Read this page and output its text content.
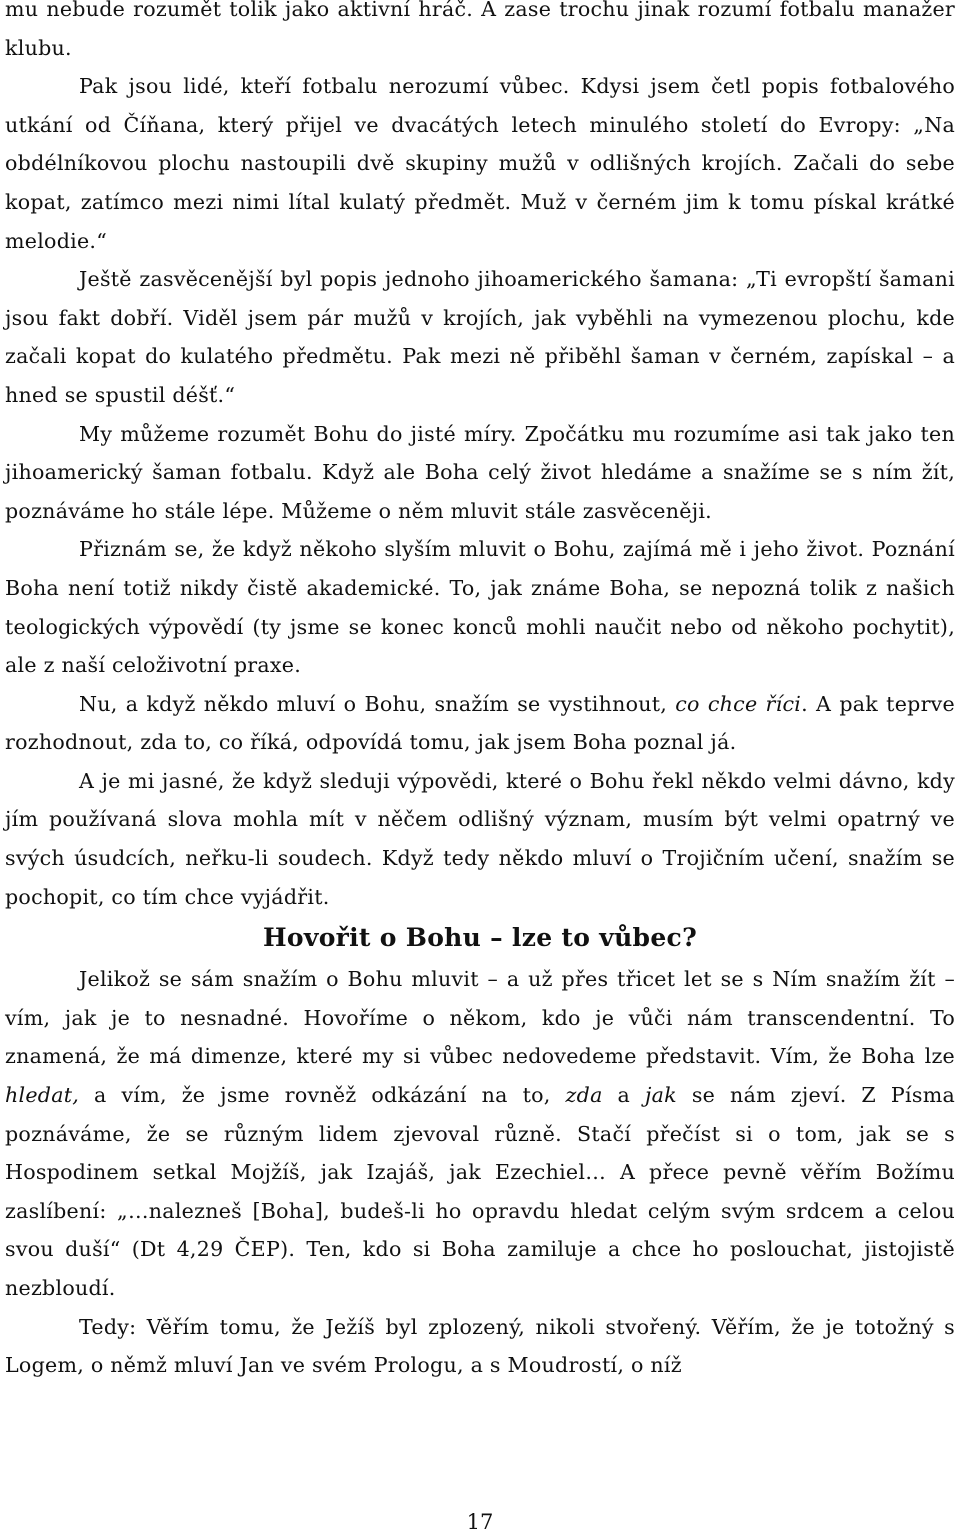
mu nebude rozumět tolik jako aktivní hráč. A zase trochu jinak rozumí fotbalu manažer klubu.

Pak jsou lidé, kteří fotbalu nerozumí vůbec. Kdysi jsem četl popis fotbalového utkání od Číňana, který přijel ve dvacátých letech minulého století do Evropy: „Na obdélníkovou plochu nastoupili dvě skupiny mužů v odlišných krojích. Začali do sebe kopat, zatímco mezi nimi lítal kulatý předmět. Muž v černém jim k tomu pískal krátké melodie.“

Ještě zasvěcenější byl popis jednoho jihoamerického šamana: „Ti evropští šamani jsou fakt dobří. Viděl jsem pár mužů v krojích, jak vyběhli na vymezenou plochu, kde začali kopat do kulatého předmětu. Pak mezi ně přiběhl šaman v černém, zapískal – a hned se spustil déšť.“

My můžeme rozumět Bohu do jisté míry. Zpočátku mu rozumíme asi tak jako ten jihoamerický šaman fotbalu. Když ale Boha celý život hledáme a snažíme se s ním žít, poznáváme ho stále lépe. Můžeme o něm mluvit stále zasvěceněji.

Přiznám se, že když někoho slyším mluvit o Bohu, zajímá mě i jeho život. Poznání Boha není totiž nikdy čistě akademické. To, jak známe Boha, se nepozná tolik z našich teologických výpovědí (ty jsme se konec konců mohli naučit nebo od někoho pochytit), ale z naší celoživotní praxe.

Nu, a když někdo mluví o Bohu, snažím se vystihnout, co chce říci. A pak teprve rozhodnout, zda to, co říká, odpovídá tomu, jak jsem Boha poznal já.

A je mi jasné, že když sleduji výpovědi, které o Bohu řekl někdo velmi dávno, kdy jím používaná slova mohla mít v něčem odlišný význam, musím být velmi opatrný ve svých úsudcích, neřku-li soudech. Když tedy někdo mluví o Trojičním učení, snažím se pochopit, co tím chce vyjádřit.

Hovořit o Bohu – lze to vůbec?

Jelikož se sám snažím o Bohu mluvit – a už přes třicet let se s Ním snažím žít – vím, jak je to nesnadné. Hovoříme o někom, kdo je vůči nám transcendentní. To znamená, že má dimenze, které my si vůbec nedovedeme představit. Vím, že Boha lze hledat, a vím, že jsme rovněž odkázání na to, zda a jak se nám zjeví. Z Písma poznáváme, že se různým lidem zjevoval různě. Stačí přečíst si o tom, jak se s Hospodinem setkal Mojžíš, jak Izajáš, jak Ezechiel… A přece pevně věřím Božímu zaslíbení: „…nalezneš [Boha], budeš-li ho opravdu hledat celým svým srdcem a celou svou duší“ (Dt 4,29 ČEP). Ten, kdo si Boha zamiluje a chce ho poslouchat, jistojistě nezbloudí.

Tedy: Věřím tomu, že Ježíš byl zplozený, nikoli stvořený. Věřím, že je totožný s Logem, o němž mluví Jan ve svém Prologu, a s Moudrostí, o níž

17
